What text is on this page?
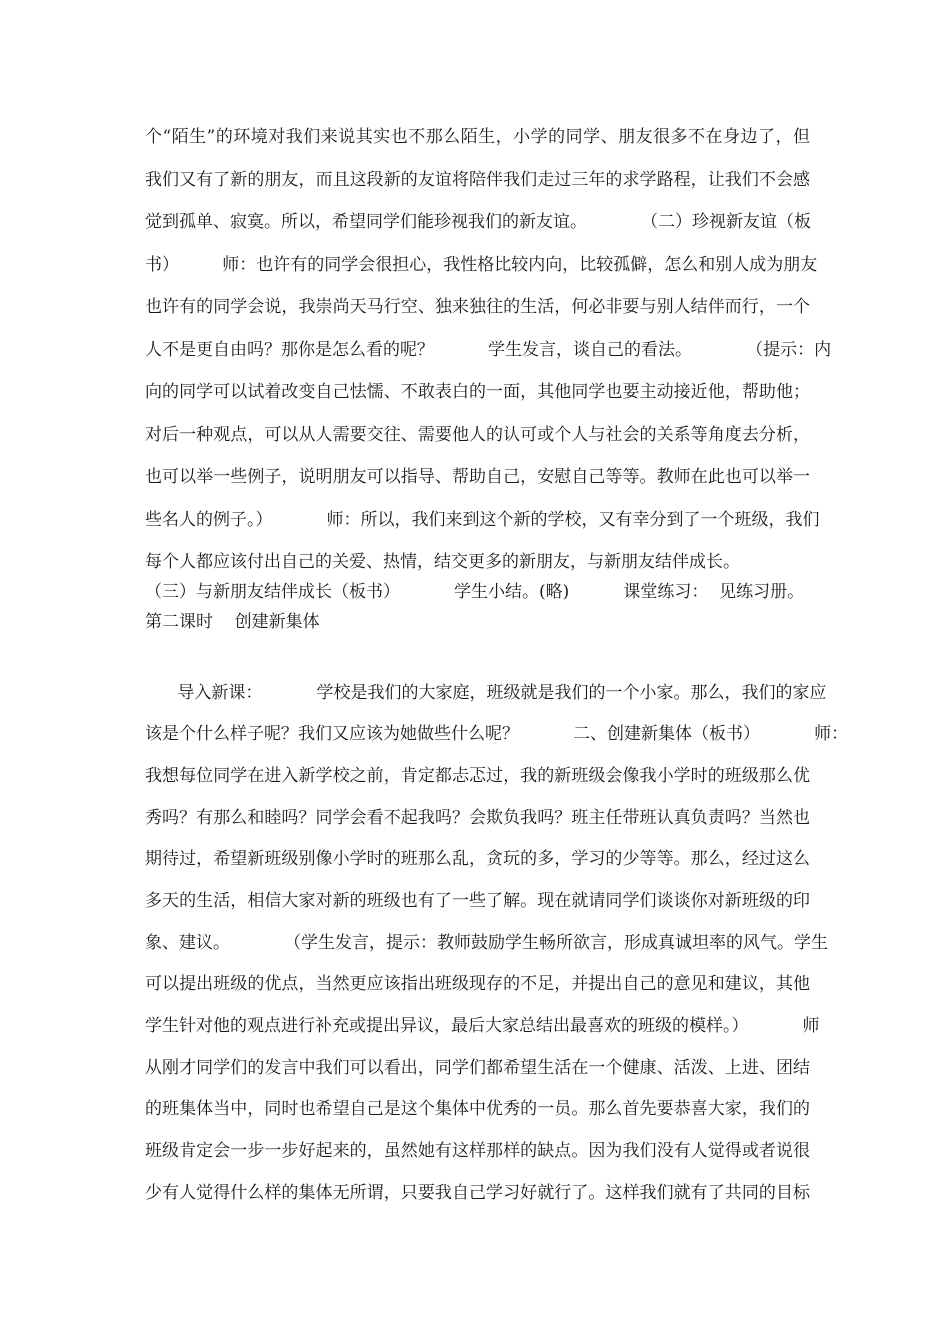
个“陌生”的环境对我们来说其实也不那么陌生，小学的同学、朋友很多不在身边了，但
我们又有了新的朋友，而且这段新的友谊将陪伴我们走过三年的求学路程，让我们不会感
觉到孤单、寂寞。所以，希望同学们能珍视我们的新友谊。          （二）珍视新友谊（板
书）        师：也许有的同学会很担心，我性格比较内向，比较孤僻，怎么和别人成为朋友
也许有的同学会说，我崇尚天马行空、独来独往的生活，何必非要与别人结伴而行，一个
人不是更自由吗？那你是怎么看的呢？          学生发言，谈自己的看法。          （提示：内
向的同学可以试着改变自己怯懦、不敢表白的一面，其他同学也要主动接近他，帮助他；
对后一种观点，可以从人需要交往、需要他人的认可或个人与社会的关系等角度去分析，
也可以举一些例子，说明朋友可以指导、帮助自己，安慰自己等等。教师在此也可以举一
些名人的例子。）          师：所以，我们来到这个新的学校，又有幸分到了一个班级，我们
每个人都应该付出自己的关爱、热情，结交更多的新朋友，与新朋友结伴成长。
（三）与新朋友结伴成长（板书）          学生小结。(略)          课堂练习：  见练习册。
第二课时    创建新集体
导入新课：          学校是我们的大家庭，班级就是我们的一个小家。那么，我们的家应
该是个什么样子呢？我们又应该为她做些什么呢？          二、创建新集体（板书）          师：
我想每位同学在进入新学校之前，肯定都忐忑过，我的新班级会像我小学时的班级那么优
秀吗？有那么和睦吗？同学会看不起我吗？会欺负我吗？班主任带班认真负责吗？当然也
期待过，希望新班级别像小学时的班那么乱，贪玩的多，学习的少等等。那么，经过这么
多天的生活，相信大家对新的班级也有了一些了解。现在就请同学们谈谈你对新班级的印
象、建议。          （学生发言，提示：教师鼓励学生畅所欲言，形成真诚坦率的风气。学生
可以提出班级的优点，当然更应该指出班级现存的不足，并提出自己的意见和建议，其他
学生针对他的观点进行补充或提出异议，最后大家总结出最喜欢的班级的模样。）          师
从刚才同学们的发言中我们可以看出，同学们都希望生活在一个健康、活泼、上进、团结
的班集体当中，同时也希望自己是这个集体中优秀的一员。那么首先要恭喜大家，我们的
班级肯定会一步一步好起来的，虽然她有这样那样的缺点。因为我们没有人觉得或者说很
少有人觉得什么样的集体无所谓，只要我自己学习好就行了。这样我们就有了共同的目标
